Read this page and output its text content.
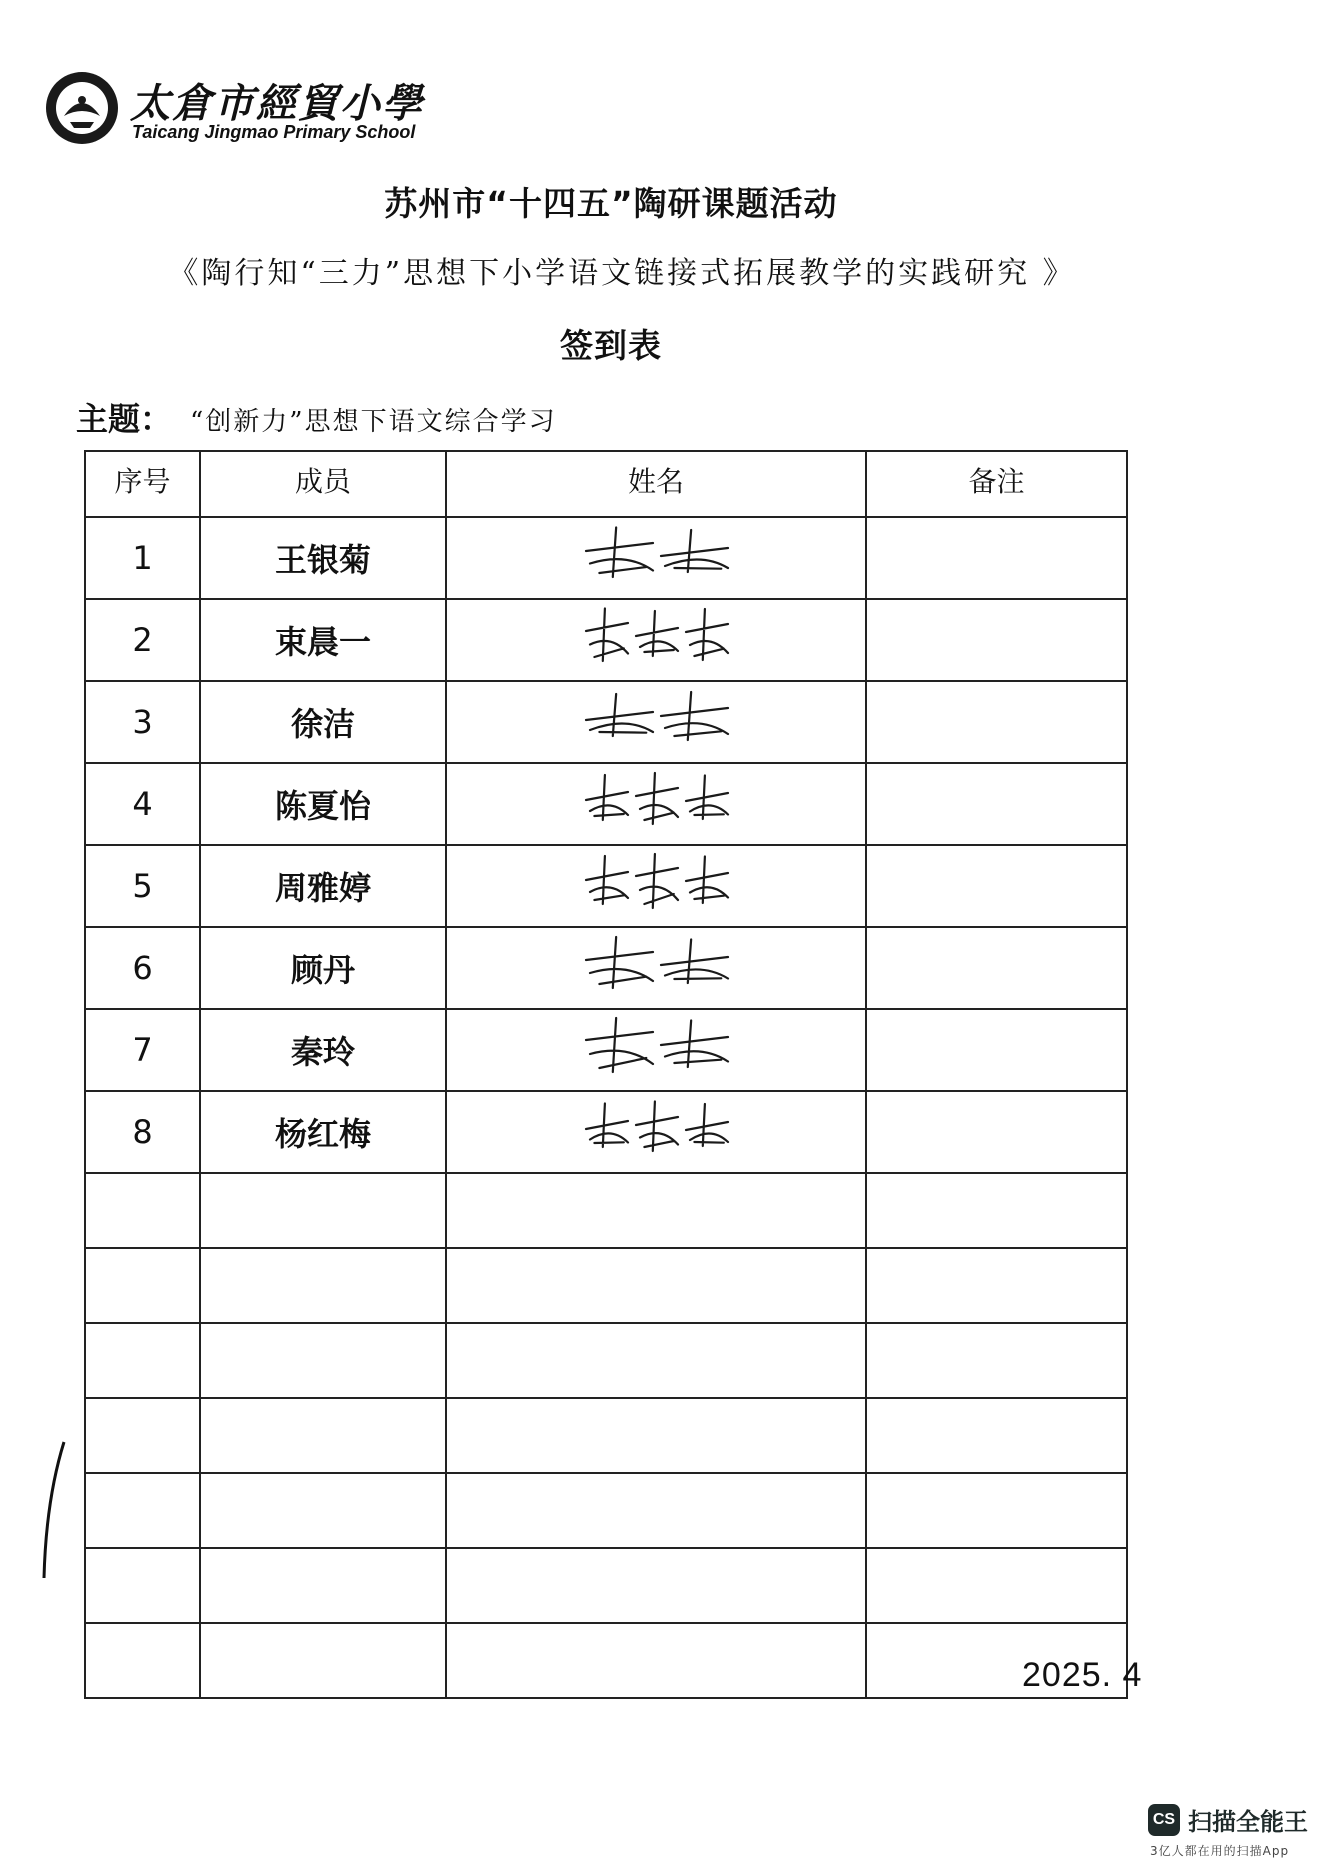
太倉市經貿小學
Taicang Jingmao Primary School
苏州市“十四五”陶研课题活动
《陶行知“三力”思想下小学语文链接式拓展教学的实践研究 》
签到表
主题： “创新力”思想下语文综合学习
序号	成员	姓名	备注
1	王银菊		
2	束晨一		
3	徐洁		
4	陈夏怡		
5	周雅婷		
6	顾丹		
7	秦玲		
8	杨红梅		

2025. 4
CS 扫描全能王
3亿人都在用的扫描App
